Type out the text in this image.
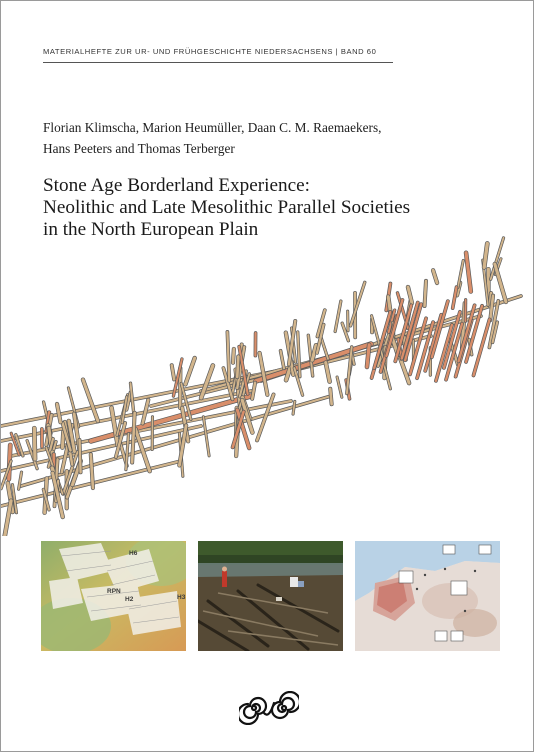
MATERIALHEFTE ZUR UR- UND FRÜHGESCHICHTE NIEDERSACHSENS | BAND 60
Florian Klimscha, Marion Heumüller, Daan C. M. Raemaekers,
Hans Peeters and Thomas Terberger
Stone Age Borderland Experience:
Neolithic and Late Mesolithic Parallel Societies
in the North European Plain
H6
RPN
H2	H3
